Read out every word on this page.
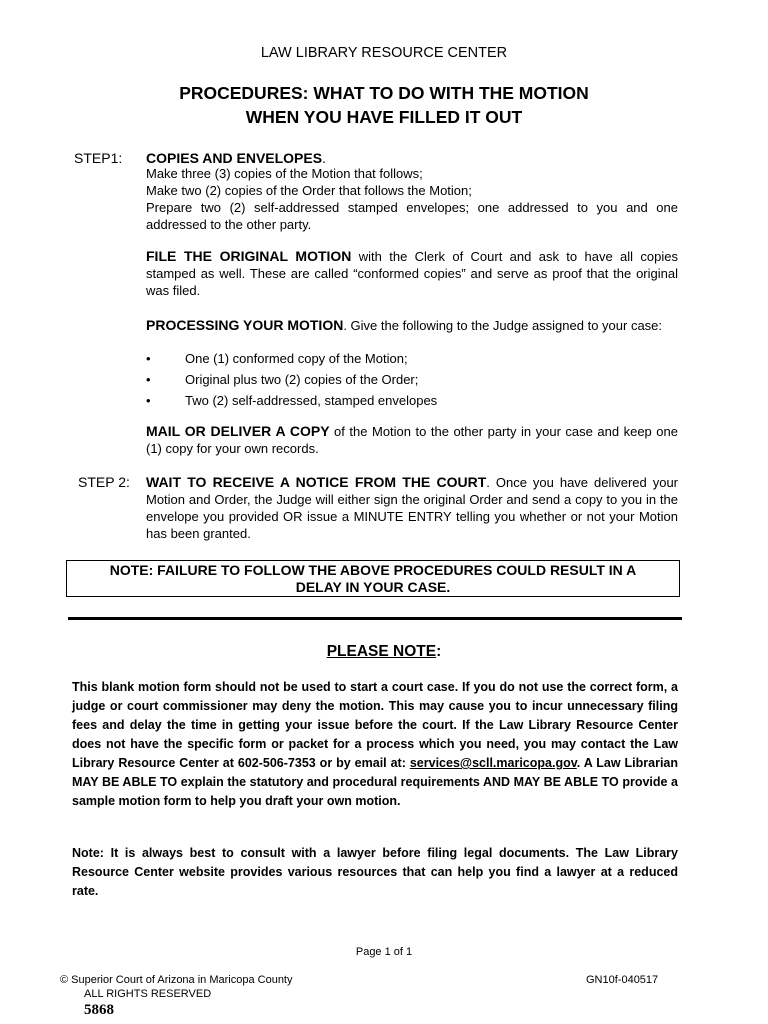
LAW LIBRARY RESOURCE CENTER
PROCEDURES: WHAT TO DO WITH THE MOTION
WHEN YOU HAVE FILLED IT OUT
STEP1: COPIES AND ENVELOPES.
Make three (3) copies of the Motion that follows;
Make two (2) copies of the Order that follows the Motion;
Prepare two (2) self-addressed stamped envelopes; one addressed to you and one addressed to the other party.
FILE THE ORIGINAL MOTION with the Clerk of Court and ask to have all copies stamped as well. These are called “conformed copies” and serve as proof that the original was filed.
PROCESSING YOUR MOTION. Give the following to the Judge assigned to your case:
•	One (1) conformed copy of the Motion;
•	Original plus two (2) copies of the Order;
•	Two (2) self-addressed, stamped envelopes
MAIL OR DELIVER A COPY of the Motion to the other party in your case and keep one (1) copy for your own records.
STEP 2: WAIT TO RECEIVE A NOTICE FROM THE COURT. Once you have delivered your Motion and Order, the Judge will either sign the original Order and send a copy to you in the envelope you provided OR issue a MINUTE ENTRY telling you whether or not your Motion has been granted.
NOTE: FAILURE TO FOLLOW THE ABOVE PROCEDURES COULD RESULT IN A
DELAY IN YOUR CASE.
PLEASE NOTE:
This blank motion form should not be used to start a court case. If you do not use the correct form, a judge or court commissioner may deny the motion. This may cause you to incur unnecessary filing fees and delay the time in getting your issue before the court. If the Law Library Resource Center does not have the specific form or packet for a process which you need, you may contact the Law Library Resource Center at 602-506-7353 or by email at: services@scll.maricopa.gov. A Law Librarian MAY BE ABLE TO explain the statutory and procedural requirements AND MAY BE ABLE TO provide a sample motion form to help you draft your own motion.
Note: It is always best to consult with a lawyer before filing legal documents. The Law Library Resource Center website provides various resources that can help you find a lawyer at a reduced rate.
Page 1 of 1
© Superior Court of Arizona in Maricopa County
ALL RIGHTS RESERVED
GN10f-040517
5868
